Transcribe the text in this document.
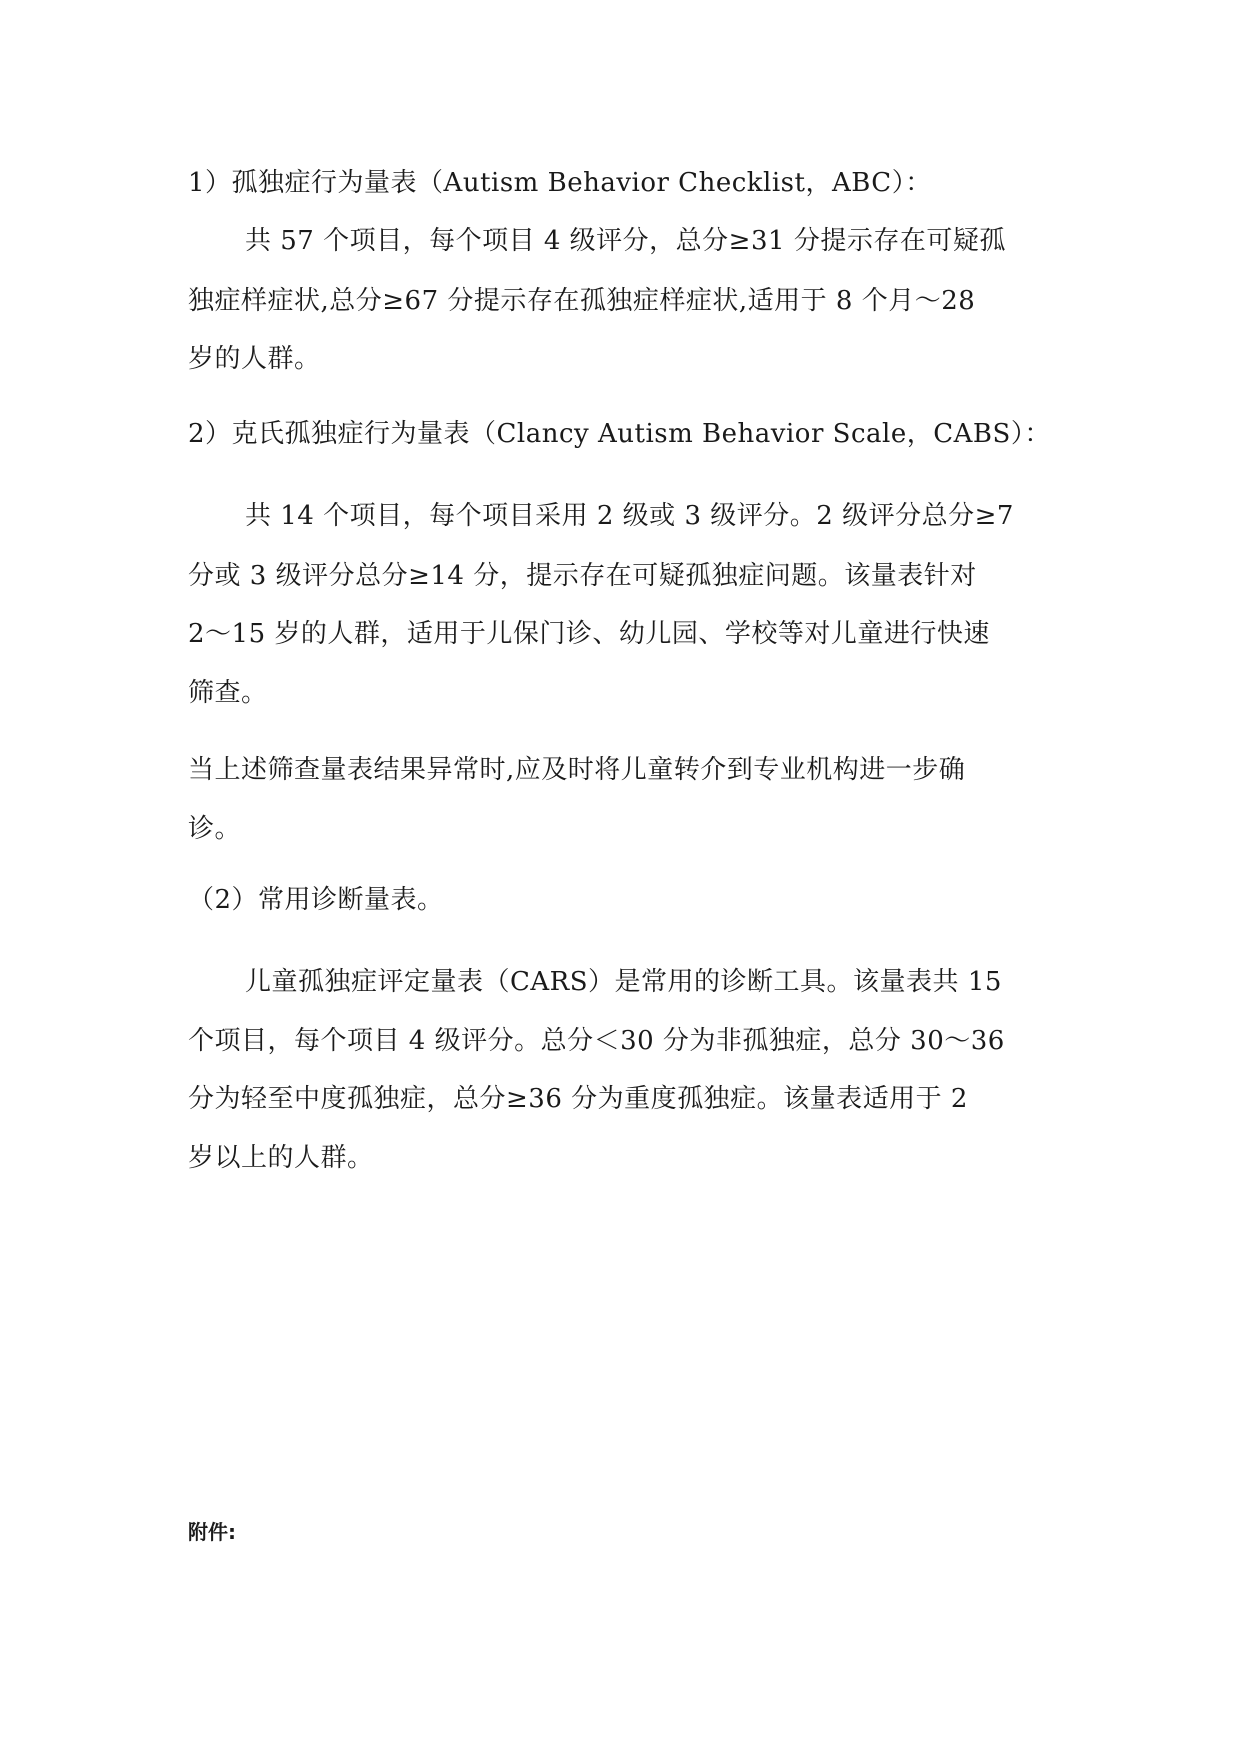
1）孤独症行为量表（Autism Behavior Checklist，ABC）：
共 57 个项目，每个项目 4 级评分，总分≥31 分提示存在可疑孤
独症样症状,总分≥67 分提示存在孤独症样症状,适用于 8 个月～28
岁的人群。
2）克氏孤独症行为量表（Clancy Autism Behavior Scale，CABS）：
共 14 个项目，每个项目采用 2 级或 3 级评分。2 级评分总分≥7
分或 3 级评分总分≥14 分，提示存在可疑孤独症问题。该量表针对
2～15 岁的人群，适用于儿保门诊、幼儿园、学校等对儿童进行快速
筛查。
当上述筛查量表结果异常时,应及时将儿童转介到专业机构进一步确
诊。
（2）常用诊断量表。
儿童孤独症评定量表（CARS）是常用的诊断工具。该量表共 15
个项目，每个项目 4 级评分。总分＜30 分为非孤独症，总分 30～36
分为轻至中度孤独症，总分≥36 分为重度孤独症。该量表适用于 2
岁以上的人群。
附件:
